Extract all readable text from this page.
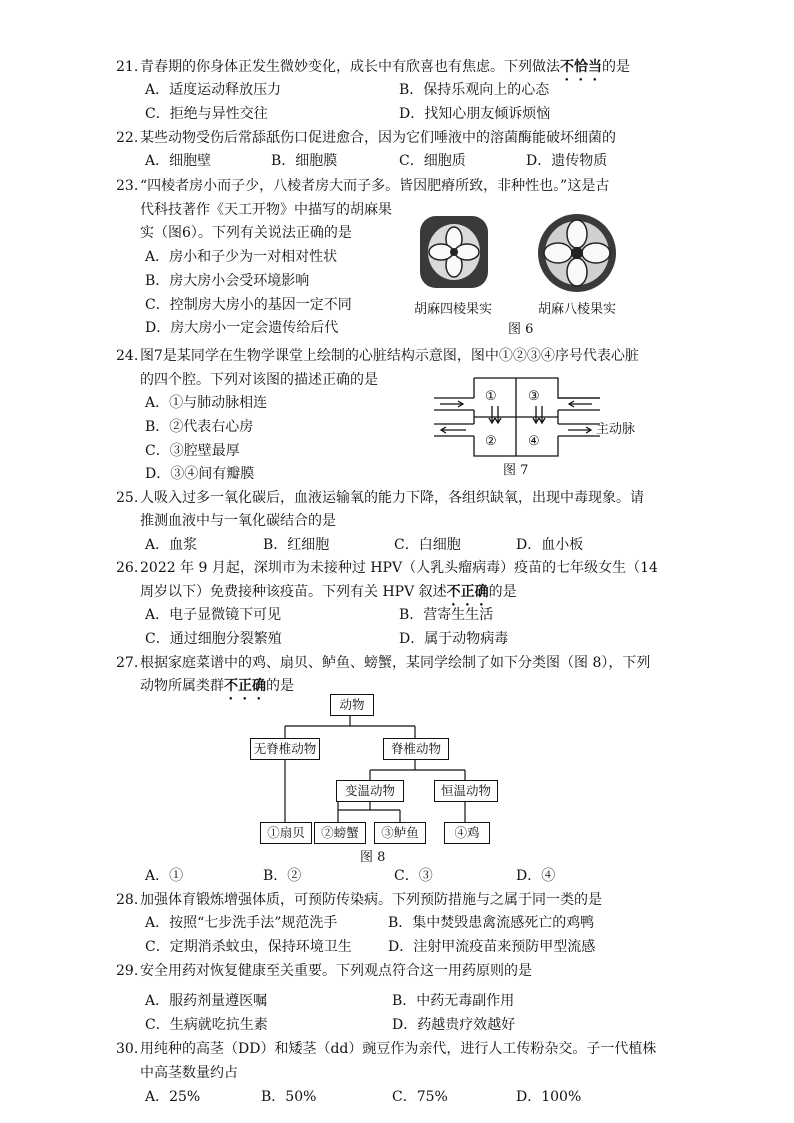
21. 青春期的你身体正发生微妙变化，成长中有欣喜也有焦虑。下列做法不恰当的是
A．适度运动释放压力	B．保持乐观向上的心态
C．拒绝与异性交往	D．找知心朋友倾诉烦恼
22. 某些动物受伤后常舔舐伤口促进愈合，因为它们唾液中的溶菌酶能破坏细菌的
A．细胞壁	B．细胞膜	C．细胞质	D．遗传物质
23. “四棱者房小而子少，八棱者房大而子多。皆因肥瘠所致，非种性也。”这是古
代科技著作《天工开物》中描写的胡麻果
实（图6）。下列有关说法正确的是
A．房小和子少为一对相对性状
B．房大房小会受环境影响
C．控制房大房小的基因一定不同
D．房大房小一定会遗传给后代
胡麻四棱果实	胡麻八棱果实
图 6
24. 图7是某同学在生物学课堂上绘制的心脏结构示意图，图中①②③④序号代表心脏
的四个腔。下列对该图的描述正确的是
A．①与肺动脉相连
B．②代表右心房
C．③腔壁最厚
D．③④间有瓣膜
①
②
③
④
主动脉
图 7
25. 人吸入过多一氧化碳后，血液运输氧的能力下降，各组织缺氧，出现中毒现象。请
推测血液中与一氧化碳结合的是
A．血浆	B．红细胞	C．白细胞	D．血小板
26. 2022 年 9 月起，深圳市为未接种过 HPV（人乳头瘤病毒）疫苗的七年级女生（14
周岁以下）免费接种该疫苗。下列有关 HPV 叙述不正确的是
A．电子显微镜下可见	B．营寄生生活
C．通过细胞分裂繁殖	D．属于动物病毒
27. 根据家庭菜谱中的鸡、扇贝、鲈鱼、螃蟹，某同学绘制了如下分类图（图 8），下列
动物所属类群不正确的是
动物
无脊椎动物	脊椎动物
变温动物	恒温动物
①扇贝	②螃蟹	③鲈鱼	④鸡
图 8
A．①	B．②	C．③	D．④
28. 加强体育锻炼增强体质，可预防传染病。下列预防措施与之属于同一类的是
A．按照“七步洗手法”规范洗手	B．集中焚毁患禽流感死亡的鸡鸭
C．定期消杀蚊虫，保持环境卫生	D．注射甲流疫苗来预防甲型流感
29. 安全用药对恢复健康至关重要。下列观点符合这一用药原则的是
A．服药剂量遵医嘱	B．中药无毒副作用
C．生病就吃抗生素	D．药越贵疗效越好
30. 用纯种的高茎（DD）和矮茎（dd）豌豆作为亲代，进行人工传粉杂交。子一代植株
中高茎数量约占
A．25%	B．50%	C．75%	D．100%
